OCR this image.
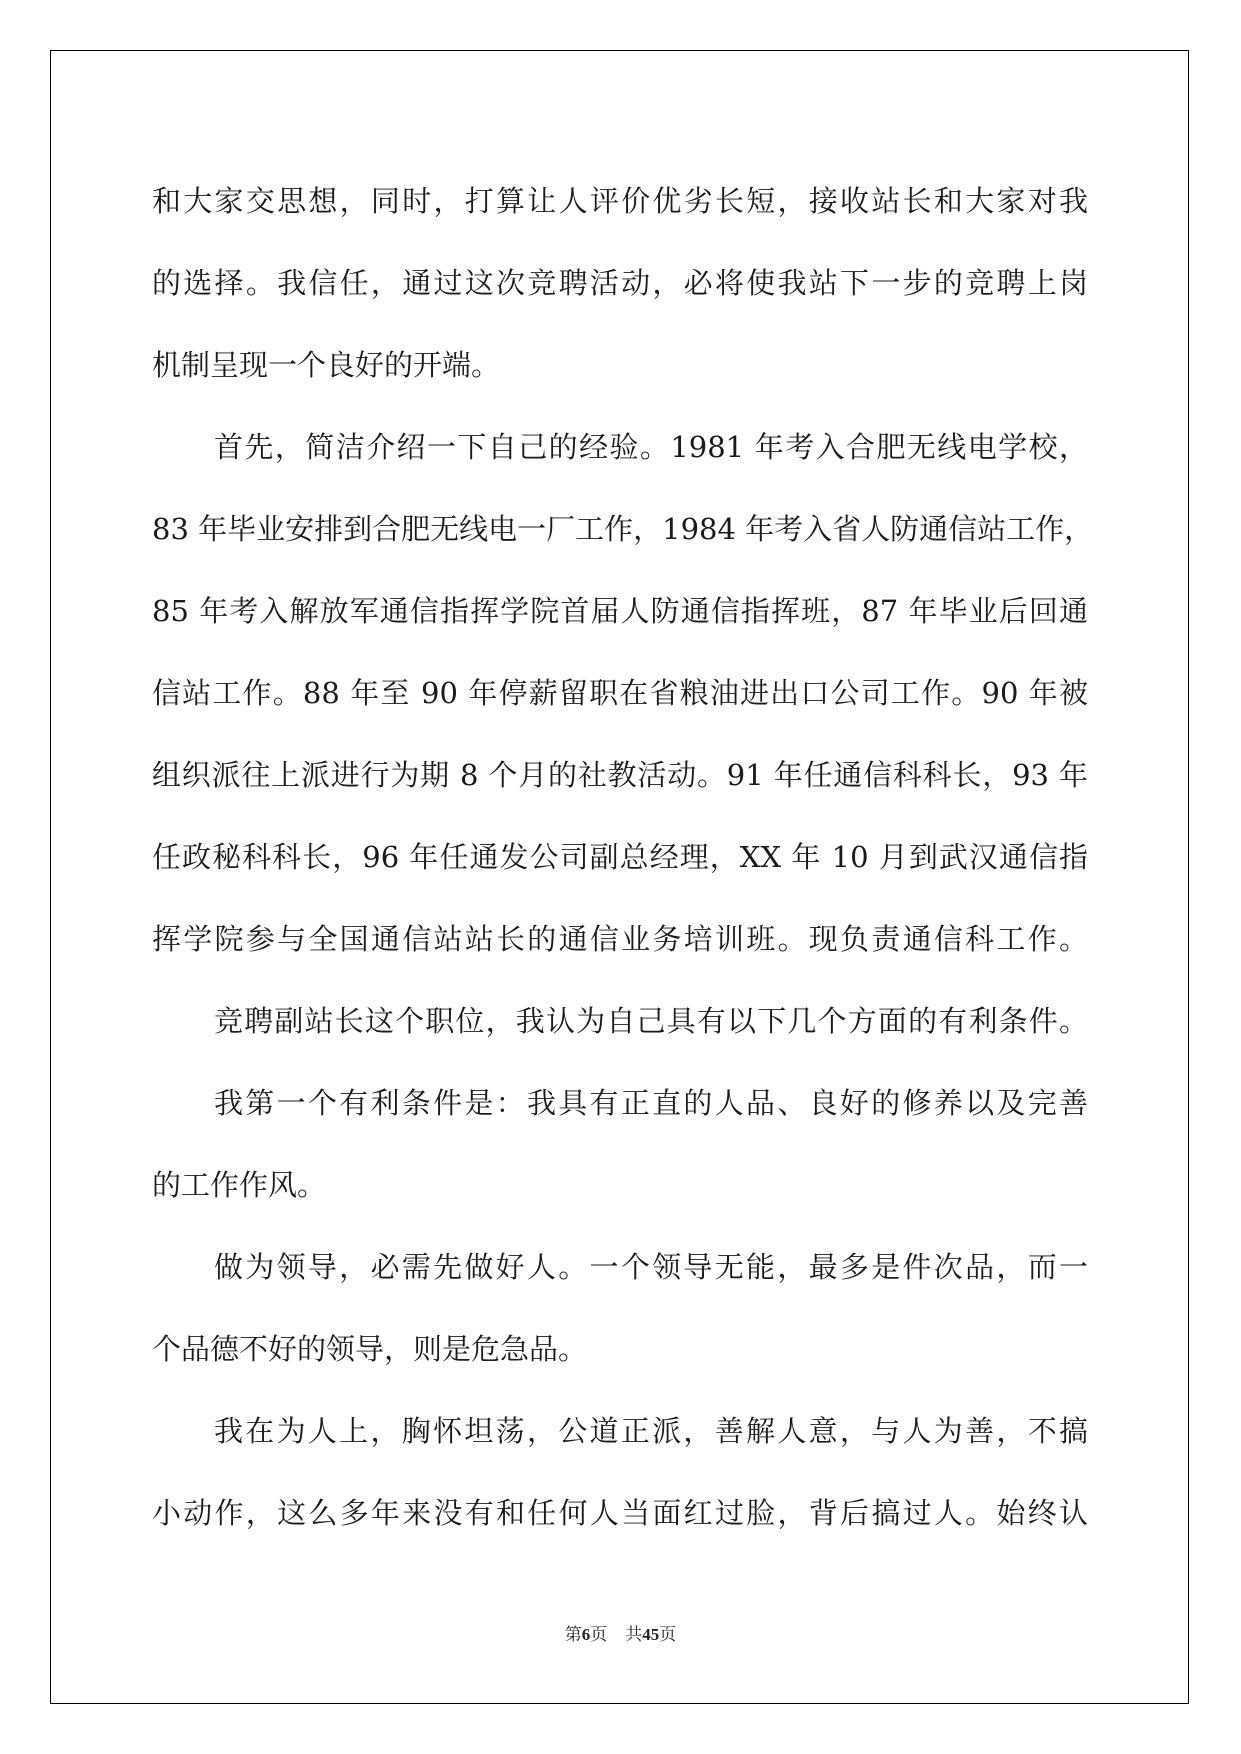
和大家交思想，同时，打算让人评价优劣长短，接收站长和大家对我
的选择。我信任，通过这次竞聘活动，必将使我站下一步的竞聘上岗
机制呈现一个良好的开端。
首先，简洁介绍一下自己的经验。1981 年考入合肥无线电学校，
83 年毕业安排到合肥无线电一厂工作，1984 年考入省人防通信站工作，
85 年考入解放军通信指挥学院首届人防通信指挥班，87 年毕业后回通
信站工作。88 年至 90 年停薪留职在省粮油进出口公司工作。90 年被
组织派往上派进行为期 8 个月的社教活动。91 年任通信科科长，93 年
任政秘科科长，96 年任通发公司副总经理，XX 年 10 月到武汉通信指
挥学院参与全国通信站站长的通信业务培训班。现负责通信科工作。
竞聘副站长这个职位，我认为自己具有以下几个方面的有利条件。
我第一个有利条件是：我具有正直的人品、良好的修养以及完善
的工作作风。
做为领导，必需先做好人。一个领导无能，最多是件次品，而一
个品德不好的领导，则是危急品。
我在为人上，胸怀坦荡，公道正派，善解人意，与人为善，不搞
小动作，这么多年来没有和任何人当面红过脸，背后搞过人。始终认
第6页 共45页
